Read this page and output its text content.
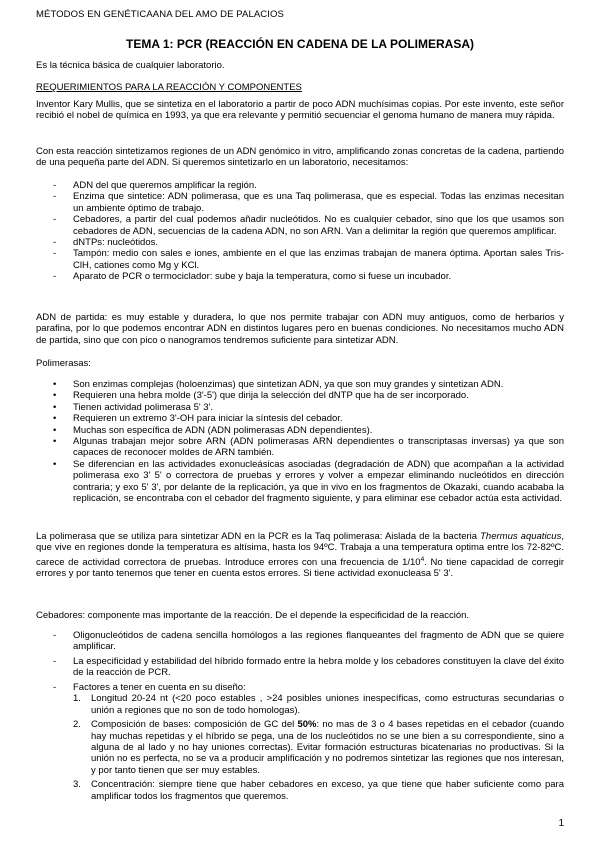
MÉTODOS EN GENÉTICAANA DEL AMO DE PALACIOS
TEMA 1: PCR (REACCIÓN EN CADENA DE LA POLIMERASA)
Es la técnica básica de cualquier laboratorio.
REQUERIMIENTOS PARA LA REACCIÓN Y COMPONENTES
Inventor Kary Mullis, que se sintetiza en el laboratorio a partir de poco ADN muchísimas copias. Por este invento, este señor recibió el nobel de química en 1993, ya que era relevante y permitió secuenciar el genoma humano de manera muy rápida.
Con esta reacción sintetizamos regiones de un ADN genómico in vitro, amplificando zonas concretas de la cadena, partiendo de una pequeña parte del ADN. Si queremos sintetizarlo en un laboratorio, necesitamos:
- ADN del que queremos amplificar la región.
- Enzima que sintetice: ADN polimerasa, que es una Taq polimerasa, que es especial. Todas las enzimas necesitan un ambiente óptimo de trabajo.
- Cebadores, a partir del cual podemos añadir nucleótidos. No es cualquier cebador, sino que los que usamos son cebadores de ADN, secuencias de la cadena ADN, no son ARN. Van a delimitar la región que queremos amplificar.
- dNTPs: nucleótidos.
- Tampón: medio con sales e iones, ambiente en el que las enzimas trabajan de manera óptima. Aportan sales Tris- ClH, cationes como Mg y KCl.
- Aparato de PCR o termociclador: sube y baja la temperatura, como si fuese un incubador.
ADN de partida: es muy estable y duradera, lo que nos permite trabajar con ADN muy antiguos, como de herbarios y parafina, por lo que podemos encontrar ADN en distintos lugares pero en buenas condiciones. No necesitamos mucho ADN de partida, sino que con pico o nanogramos tendremos suficiente para sintetizar ADN.
Polimerasas:
• Son enzimas complejas (holoenzimas) que sintetizan ADN, ya que son muy grandes y sintetizan ADN.
• Requieren una hebra molde (3'-5') que dirija la selección del dNTP que ha de ser incorporado.
• Tienen actividad polimerasa 5' 3'.
• Requieren un extremo 3'-OH para iniciar la síntesis del cebador.
• Muchas son específica de ADN (ADN polimerasas ADN dependientes).
• Algunas trabajan mejor sobre ARN (ADN polimerasas ARN dependientes o transcriptasas inversas) ya que son capaces de reconocer moldes de ARN también.
• Se diferencian en las actividades exonucleásicas asociadas (degradación de ADN) que acompañan a la actividad polimerasa exo 3' 5' o correctora de pruebas y errores y volver a empezar eliminando nucleótidos en dirección contraria; y exo 5' 3', por delante de la replicación, ya que in vivo en los fragmentos de Okazaki, cuando acababa la replicación, se encontraba con el cebador del fragmento siguiente, y para eliminar ese cebador actúa esta actividad.
La polimerasa que se utiliza para sintetizar ADN en la PCR es la Taq polimerasa: Aislada de la bacteria Thermus aquaticus, que vive en regiones donde la temperatura es altísima, hasta los 94ºC. Trabaja a una temperatura optima entre los 72-82ºC. carece de actividad correctora de pruebas. Introduce errores con una frecuencia de $1/10^4$. No tiene capacidad de corregir errores y por tanto tenemos que tener en cuenta estos errores. Si tiene actividad exonucleasa 5' 3'.
Cebadores: componente mas importante de la reacción. De el depende la especificidad de la reacción.
- Oligonucleótidos de cadena sencilla homólogos a las regiones flanqueantes del fragmento de ADN que se quiere amplificar.
- La especificidad y estabilidad del híbrido formado entre la hebra molde y los cebadores constituyen la clave del éxito de la reacción de PCR.
- Factores a tener en cuenta en su diseño:
1. Longitud 20-24 nt (<20 poco estables , >24 posibles uniones inespecíficas, como estructuras secundarias o unión a regiones que no son de todo homologas).
2. Composición de bases: composición de GC del 50%: no mas de 3 o 4 bases repetidas en el cebador (cuando hay muchas repetidas y el híbrido se pega, una de los nucleótidos no se une bien a su correspondiente, sino a alguna de al lado y no hay uniones correctas). Evitar formación estructuras bicatenarias no productivas. Si la unión no es perfecta, no se va a producir amplificación y no podremos sintetizar las regiones que nos interesan, y por tanto tienen que ser muy estables.
3. Concentración: siempre tiene que haber cebadores en exceso, ya que tiene que haber suficiente como para amplificar todos los fragmentos que queremos.
1
